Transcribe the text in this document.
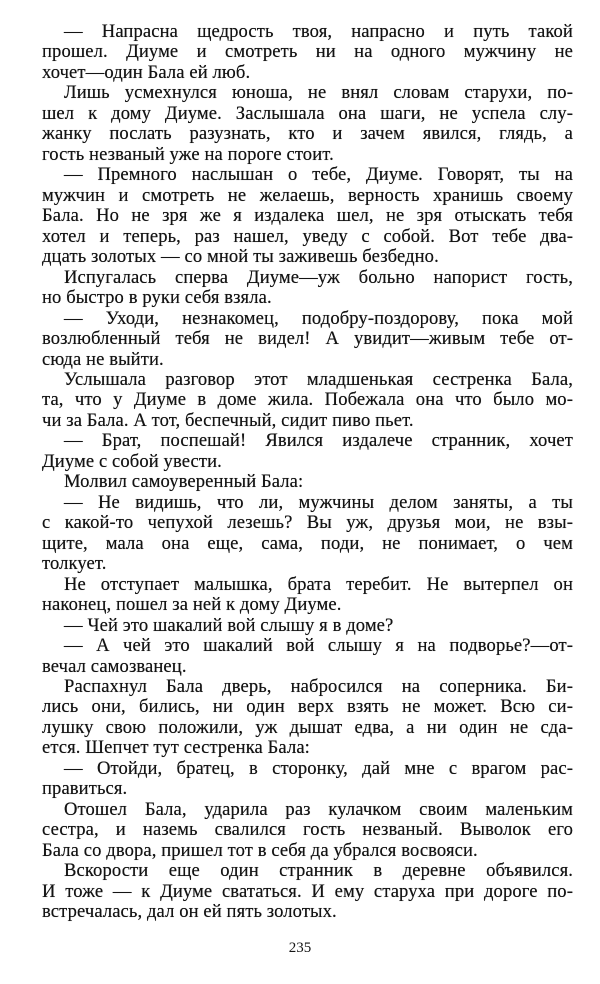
— Напрасна щедрость твоя, напрасно и путь такой
прошел. Диуме и смотреть ни на одного мужчину не
хочет—один Бала ей люб.
Лишь усмехнулся юноша, не внял словам старухи, по-
шел к дому Диуме. Заслышала она шаги, не успела слу-
жанку послать разузнать, кто и зачем явился, глядь, а
гость незваный уже на пороге стоит.
— Премного наслышан о тебе, Диуме. Говорят, ты на
мужчин и смотреть не желаешь, верность хранишь своему
Бала. Но не зря же я издалека шел, не зря отыскать тебя
хотел и теперь, раз нашел, уведу с собой. Вот тебе два-
дцать золотых — со мной ты заживешь безбедно.
Испугалась сперва Диуме—уж больно напорист гость,
но быстро в руки себя взяла.
— Уходи, незнакомец, подобру-поздорову, пока мой
возлюбленный тебя не видел! А увидит—живым тебе от-
сюда не выйти.
Услышала разговор этот младшенькая сестренка Бала,
та, что у Диуме в доме жила. Побежала она что было мо-
чи за Бала. А тот, беспечный, сидит пиво пьет.
— Брат, поспешай! Явился издалече странник, хочет
Диуме с собой увести.
Молвил самоуверенный Бала:
— Не видишь, что ли, мужчины делом заняты, а ты
с какой-то чепухой лезешь? Вы уж, друзья мои, не взы-
щите, мала она еще, сама, поди, не понимает, о чем
толкует.
Не отступает малышка, брата теребит. Не вытерпел он
наконец, пошел за ней к дому Диуме.
— Чей это шакалий вой слышу я в доме?
— А чей это шакалий вой слышу я на подворье?—от-
вечал самозванец.
Распахнул Бала дверь, набросился на соперника. Би-
лись они, бились, ни один верх взять не может. Всю си-
лушку свою положили, уж дышат едва, а ни один не сда-
ется. Шепчет тут сестренка Бала:
— Отойди, братец, в сторонку, дай мне с врагом рас-
правиться.
Отошел Бала, ударила раз кулачком своим маленьким
сестра, и наземь свалился гость незваный. Выволок его
Бала со двора, пришел тот в себя да убрался восвояси.
Вскорости еще один странник в деревне объявился.
И тоже — к Диуме свататься. И ему старуха при дороге по-
встречалась, дал он ей пять золотых.
235
